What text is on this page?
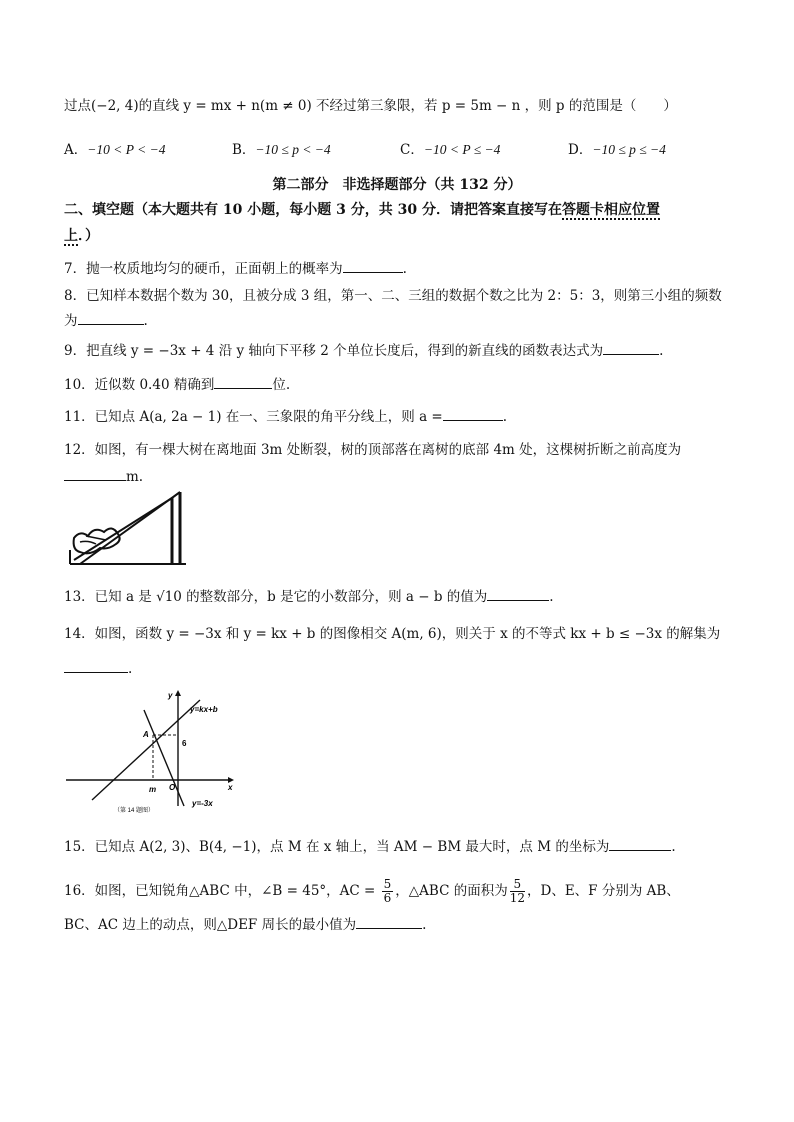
过点(−2, 4)的直线 y = mx + n(m ≠ 0) 不经过第三象限，若 p = 5m − n ，则 p 的范围是（　　）
A．−10 < P < −4	B．−10 ≤ p < −4	C．−10 < P ≤ −4	D．−10 ≤ p ≤ −4
第二部分　非选择题部分（共 132 分）
二、填空题（本大题共有 10 小题，每小题 3 分，共 30 分．请把答案直接写在答题卡相应位置
上．）
7．抛一枚质地均匀的硬币，正面朝上的概率为	.
8．已知样本数据个数为 30，且被分成 3 组，第一、二、三组的数据个数之比为 2：5：3，则第三小组的频数
为	.
9．把直线 y = −3x + 4 沿 y 轴向下平移 2 个单位长度后，得到的新直线的函数表达式为	.
10．近似数 0.40 精确到	位.
11．已知点 A(a, 2a − 1) 在一、三象限的角平分线上，则 a =	.
12．如图，有一棵大树在离地面 3m 处断裂，树的顶部落在离树的底部 4m 处，这棵树折断之前高度为
m.
13．已知 a 是 √10 的整数部分，b 是它的小数部分，则 a − b 的值为	.
14．如图，函数 y = −3x 和 y = kx + b 的图像相交 A(m, 6)，则关于 x 的不等式 kx + b ≤ −3x 的解集为
.
y=kx+b
y=-3x
y
x
A
6
m O
（第 14 题图）
15．已知点 A(2, 3)、B(4, −1)，点 M 在 x 轴上，当 AM − BM 最大时，点 M 的坐标为	.
16．如图，已知锐角△ABC 中，∠B = 45°，AC = $\frac{5}{6}$ ，△ABC 的面积为 $\frac{5}{12}$ ，D、E、F 分别为 AB、
BC、AC 边上的动点，则△DEF 周长的最小值为	.
